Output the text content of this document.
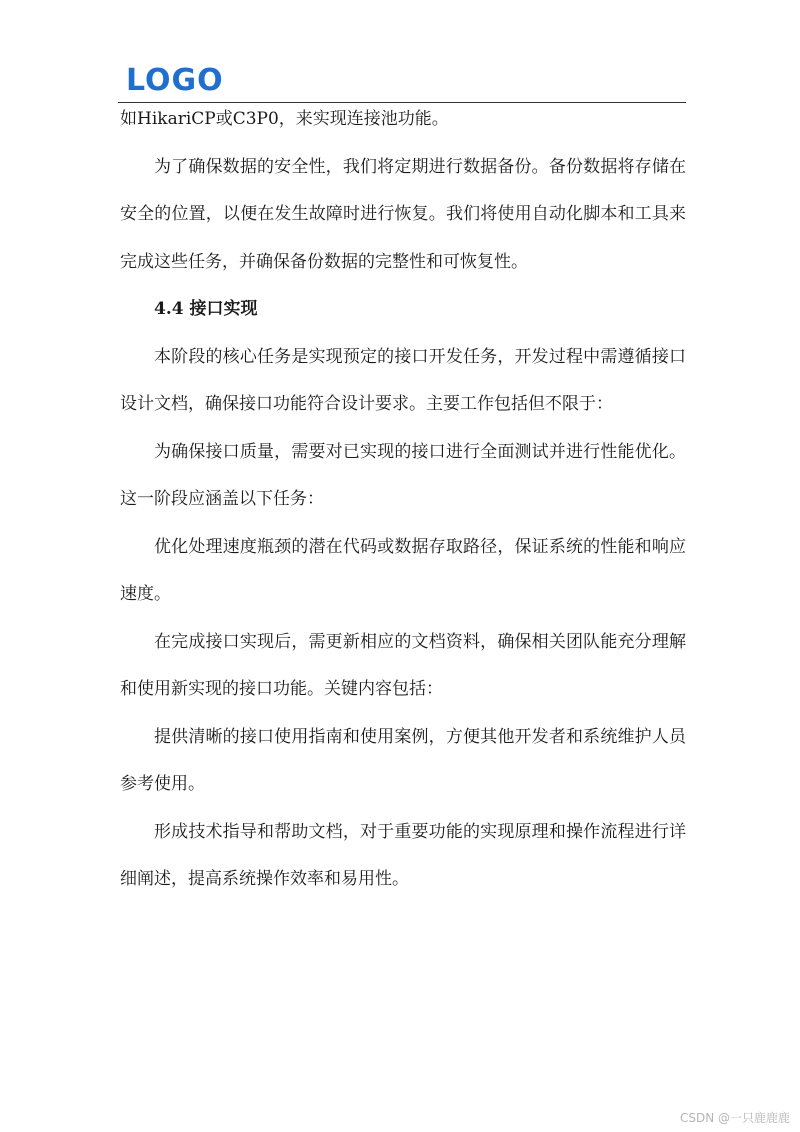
LOGO

如HikariCP或C3P0，来实现连接池功能。

为了确保数据的安全性，我们将定期进行数据备份。备份数据将存储在安全的位置，以便在发生故障时进行恢复。我们将使用自动化脚本和工具来完成这些任务，并确保备份数据的完整性和可恢复性。

4.4 接口实现

本阶段的核心任务是实现预定的接口开发任务，开发过程中需遵循接口设计文档，确保接口功能符合设计要求。主要工作包括但不限于：

为确保接口质量，需要对已实现的接口进行全面测试并进行性能优化。这一阶段应涵盖以下任务：

优化处理速度瓶颈的潜在代码或数据存取路径，保证系统的性能和响应速度。

在完成接口实现后，需更新相应的文档资料，确保相关团队能充分理解和使用新实现的接口功能。关键内容包括：

提供清晰的接口使用指南和使用案例，方便其他开发者和系统维护人员参考使用。

形成技术指导和帮助文档，对于重要功能的实现原理和操作流程进行详细阐述，提高系统操作效率和易用性。

CSDN @一只鹿鹿鹿
